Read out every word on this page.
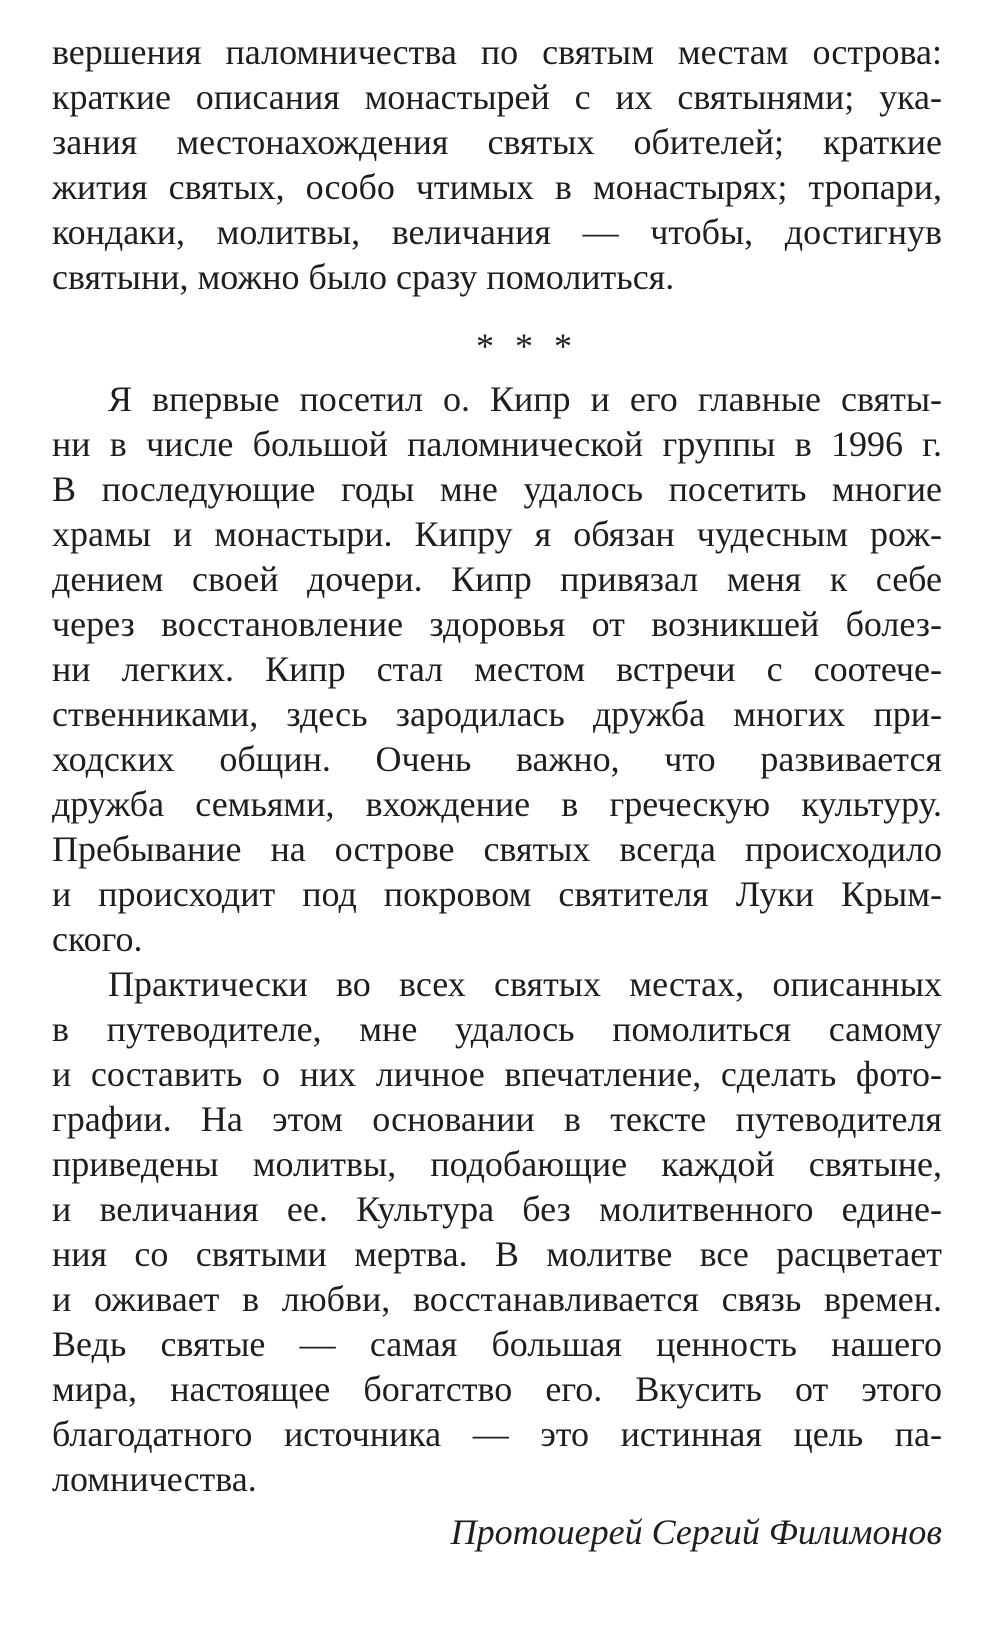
вершения паломничества по святым местам острова:
краткие описания монастырей с их святынями; ука-
зания местонахождения святых обителей; краткие
жития святых, особо чтимых в монастырях; тропари,
кондаки, молитвы, величания — чтобы, достигнув
святыни, можно было сразу помолиться.
* * *
Я впервые посетил о. Кипр и его главные святы-
ни в числе большой паломнической группы в 1996 г.
В последующие годы мне удалось посетить многие
храмы и монастыри. Кипру я обязан чудесным рож-
дением своей дочери. Кипр привязал меня к себе
через восстановление здоровья от возникшей болез-
ни легких. Кипр стал местом встречи с соотече-
ственниками, здесь зародилась дружба многих при-
ходских общин. Очень важно, что развивается
дружба семьями, вхождение в греческую культуру.
Пребывание на острове святых всегда происходило
и происходит под покровом святителя Луки Крым-
ского.
Практически во всех святых местах, описанных
в путеводителе, мне удалось помолиться самому
и составить о них личное впечатление, сделать фото-
графии. На этом основании в тексте путеводителя
приведены молитвы, подобающие каждой святыне,
и величания ее. Культура без молитвенного едине-
ния со святыми мертва. В молитве все расцветает
и оживает в любви, восстанавливается связь времен.
Ведь святые — самая большая ценность нашего
мира, настоящее богатство его. Вкусить от этого
благодатного источника — это истинная цель па-
ломничества.
Протоиерей Сергий Филимонов
